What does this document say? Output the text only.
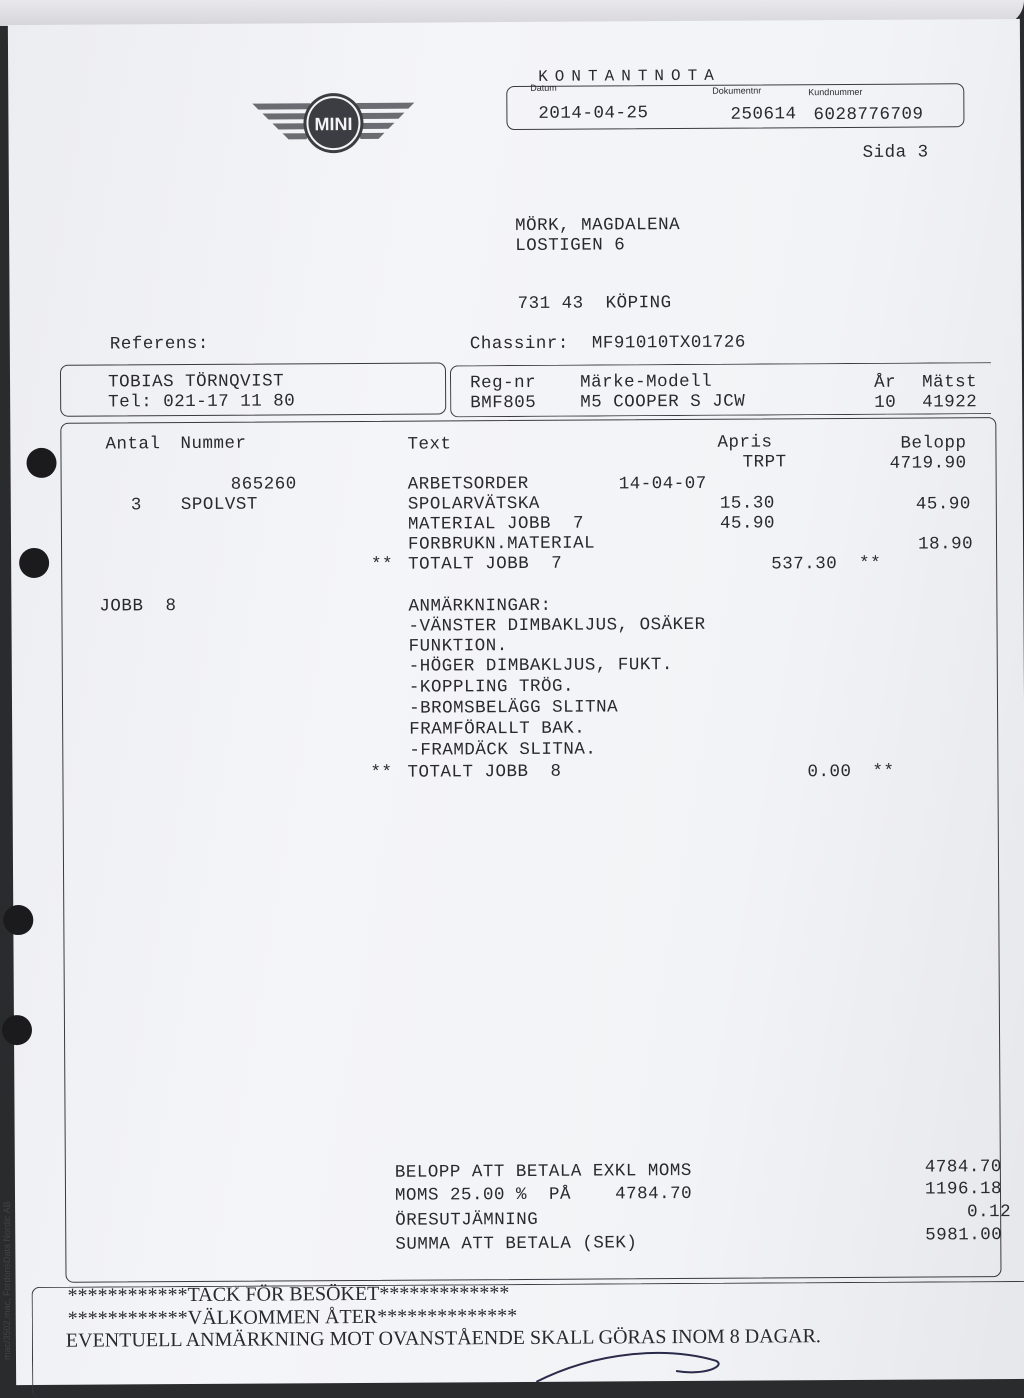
MINI
KONTANTNOTA
Datum	Dokumentnr	Kundnummer
2014-04-25	250614 6028776709
Sida 3
MÖRK, MAGDALENA
LOSTIGEN 6
731 43  KÖPING
Referens:	Chassinr: MF91010TX01726
TOBIAS TÖRNQVIST
Tel: 021-17 11 80
Reg-nr	Märke-Modell	År Mätst
BMF805	M5 COOPER S JCW	10 41922
Antal Nummer	Text	Apris	Belopp
TRPT	4719.90
865260	ARBETSORDER	14-04-07
3 SPOLVST	SPOLARVÄTSKA	15.30	45.90
MATERIAL JOBB  7	45.90
FORBRUKN.MATERIAL	18.90
** TOTALT JOBB  7	537.30 **
JOBB  8	ANMÄRKNINGAR:
-VÄNSTER DIMBAKLJUS, OSÄKER
FUNKTION.
-HÖGER DIMBAKLJUS, FUKT.
-KOPPLING TRÖG.
-BROMSBELÄGG SLITNA
FRAMFÖRALLT BAK.
-FRAMDÄCK SLITNA.
** TOTALT JOBB  8	0.00 **
BELOPP ATT BETALA EXKL MOMS	4784.70
MOMS 25.00 %  PÅ    4784.70	1196.18
ÖRESUTJÄMNING	0.12
SUMMA ATT BETALA (SEK)	5981.00
************TACK FÖR BESÖKET*************
************VÄLKOMMEN ÅTER**************
EVENTUELL ANMÄRKNING MOT OVANSTÅENDE SKALL GÖRAS INOM 8 DAGAR.
mac/3502.mac, FordonsData Nordic AB
